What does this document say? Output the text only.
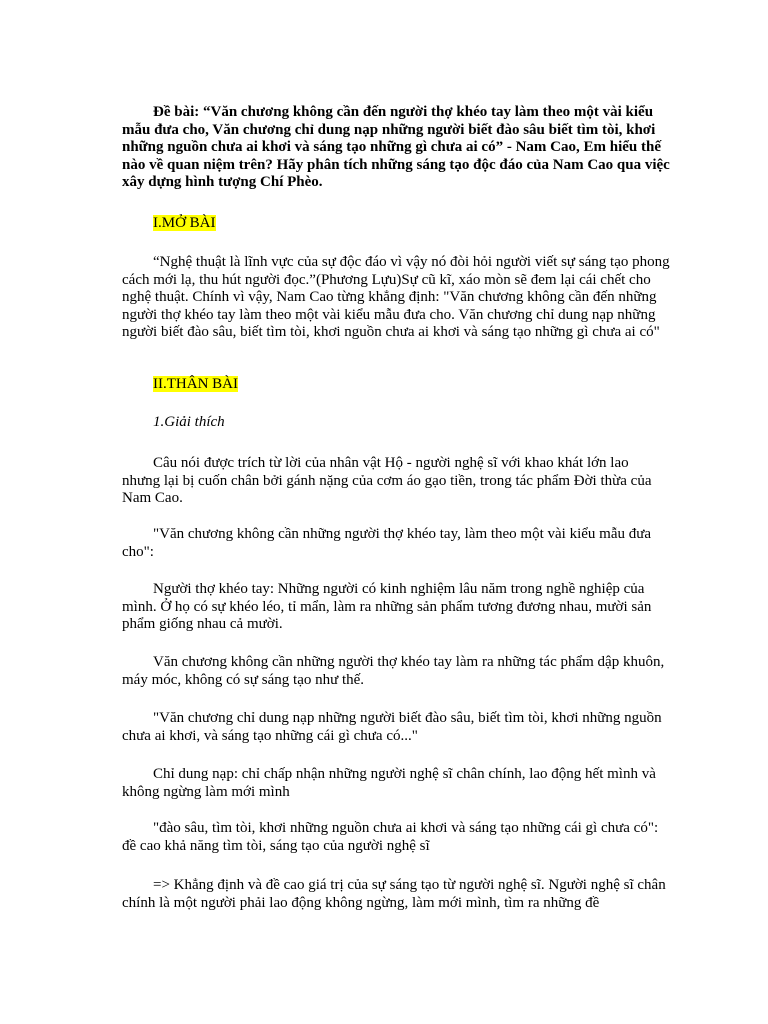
Đề bài: “Văn chương không cần đến người thợ khéo tay làm theo một vài kiểu mẫu đưa cho, Văn chương chỉ dung nạp những người biết đào sâu biết tìm tòi, khơi những nguồn chưa ai khơi và sáng tạo những gì chưa ai có” - Nam Cao, Em hiểu thế nào về quan niệm trên? Hãy phân tích những sáng tạo độc đáo của Nam Cao qua việc xây dựng hình tượng Chí Phèo.

I.MỞ BÀI

“Nghệ thuật là lĩnh vực của sự độc đáo vì vậy nó đòi hỏi người viết sự sáng tạo phong cách mới lạ, thu hút người đọc.”(Phương Lựu)Sự cũ kĩ, xáo mòn sẽ đem lại cái chết cho nghệ thuật. Chính vì vậy, Nam Cao từng khẳng định: "Văn chương không cần đến những người thợ khéo tay làm theo một vài kiểu mẫu đưa cho. Văn chương chỉ dung nạp những người biết đào sâu, biết tìm tòi, khơi nguồn chưa ai khơi và sáng tạo những gì chưa ai có"

II.THÂN BÀI

1.Giải thích

Câu nói được trích từ lời của nhân vật Hộ - người nghệ sĩ với khao khát lớn lao nhưng lại bị cuốn chân bởi gánh nặng của cơm áo gạo tiền, trong tác phẩm Đời thừa của Nam Cao.

"Văn chương không cần những người thợ khéo tay, làm theo một vài kiểu mẫu đưa cho":

Người thợ khéo tay: Những người có kinh nghiệm lâu năm trong nghề nghiệp của mình. Ở họ có sự khéo léo, tỉ mẩn, làm ra những sản phẩm tương đương nhau, mười sản phẩm giống nhau cả mười.

Văn chương không cần những người thợ khéo tay làm ra những tác phẩm dập khuôn, máy móc, không có sự sáng tạo như thế.

"Văn chương chỉ dung nạp những người biết đào sâu, biết tìm tòi, khơi những nguồn chưa ai khơi, và sáng tạo những cái gì chưa có..."

Chỉ dung nạp: chỉ chấp nhận những người nghệ sĩ chân chính, lao động hết mình và không ngừng làm mới mình

"đào sâu, tìm tòi, khơi những nguồn chưa ai khơi và sáng tạo những cái gì chưa có": đề cao khả năng tìm tòi, sáng tạo của người nghệ sĩ

=> Khẳng định và đề cao giá trị của sự sáng tạo từ người nghệ sĩ. Người nghệ sĩ chân chính là một người phải lao động không ngừng, làm mới mình, tìm ra những đề
